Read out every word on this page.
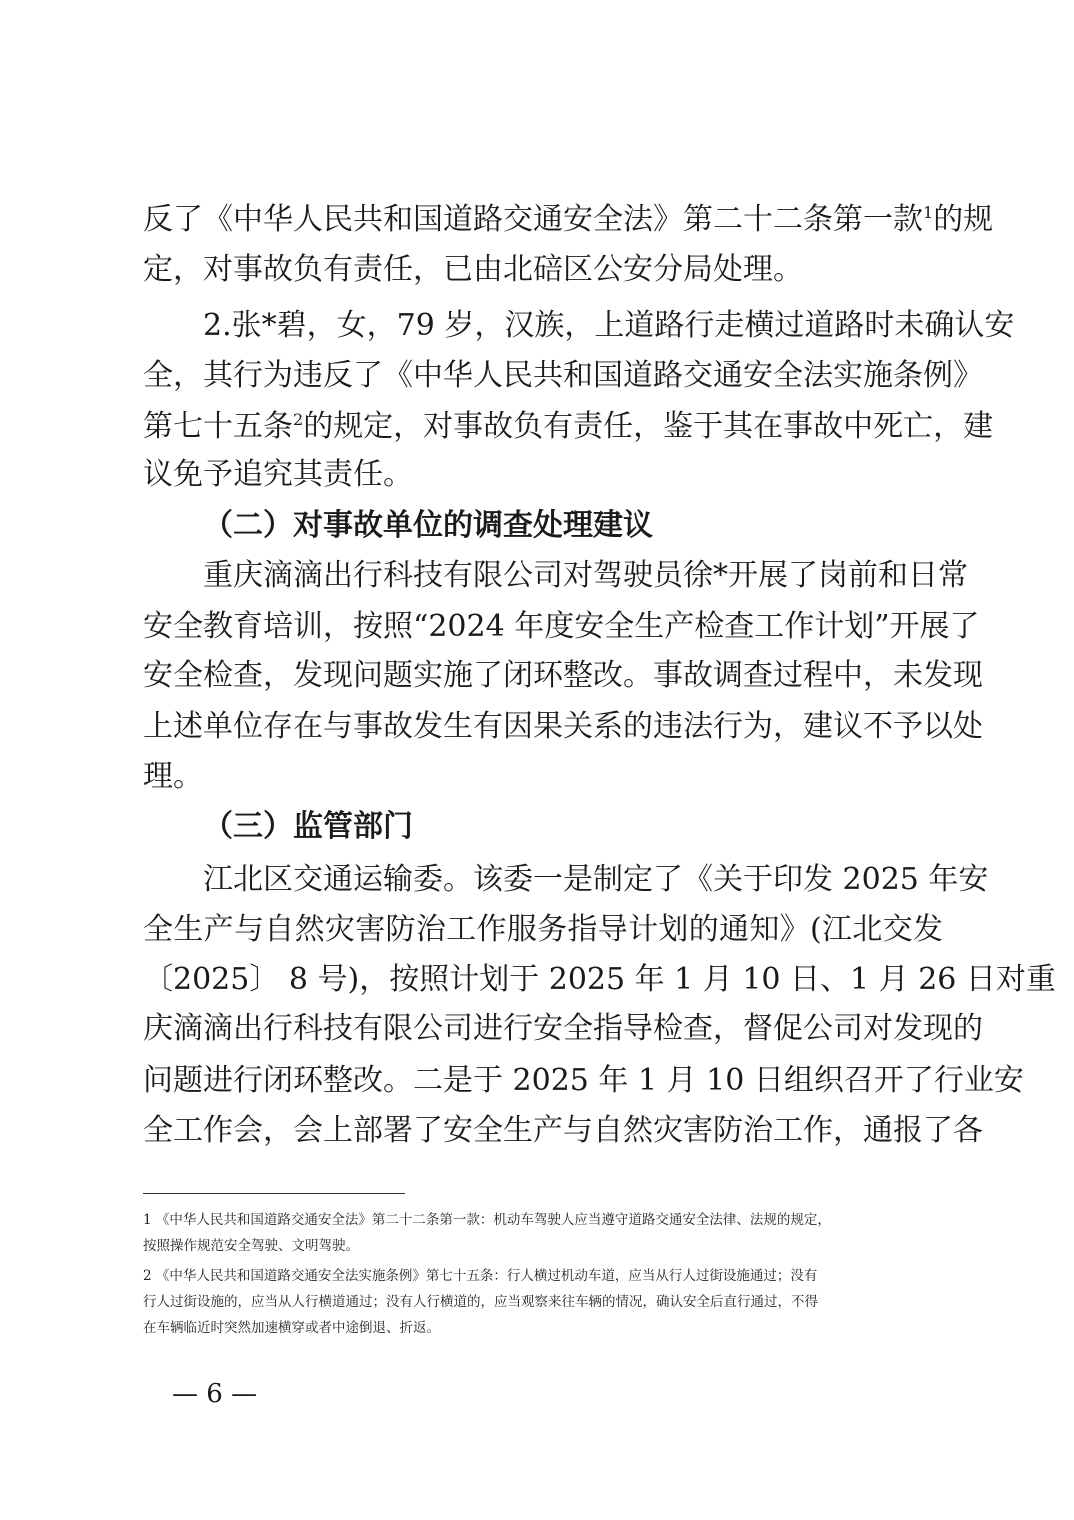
反了《中华人民共和国道路交通安全法》第二十二条第一款$^1$的规
定，对事故负有责任，已由北碚区公安分局处理。
2.张*碧，女，79 岁，汉族，上道路行走横过道路时未确认安
全，其行为违反了《中华人民共和国道路交通安全法实施条例》
第七十五条$^2$的规定，对事故负有责任，鉴于其在事故中死亡，建
议免予追究其责任。
（二）对事故单位的调查处理建议
重庆滴滴出行科技有限公司对驾驶员徐*开展了岗前和日常
安全教育培训，按照“2024 年度安全生产检查工作计划”开展了
安全检查，发现问题实施了闭环整改。事故调查过程中，未发现
上述单位存在与事故发生有因果关系的违法行为，建议不予以处
理。
（三）监管部门
江北区交通运输委。该委一是制定了《关于印发 2025 年安
全生产与自然灾害防治工作服务指导计划的通知》(江北交发
〔2025〕 8 号)，按照计划于 2025 年 1 月 10 日、1 月 26 日对重
庆滴滴出行科技有限公司进行安全指导检查，督促公司对发现的
问题进行闭环整改。二是于 2025 年 1 月 10 日组织召开了行业安
全工作会，会上部署了安全生产与自然灾害防治工作，通报了各
1 《中华人民共和国道路交通安全法》第二十二条第一款：机动车驾驶人应当遵守道路交通安全法律、法规的规定，
按照操作规范安全驾驶、文明驾驶。
2 《中华人民共和国道路交通安全法实施条例》第七十五条：行人横过机动车道，应当从行人过街设施通过；没有
行人过街设施的，应当从人行横道通过；没有人行横道的，应当观察来往车辆的情况，确认安全后直行通过，不得
在车辆临近时突然加速横穿或者中途倒退、折返。
— 6 —
